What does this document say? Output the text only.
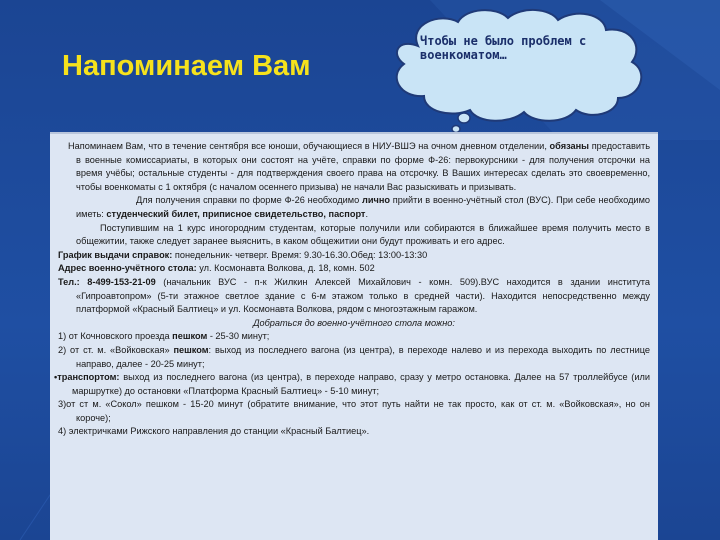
Напоминаем Вам
Чтобы не было проблем с военкоматом…

Напоминаем Вам, что в течение сентября все юноши, обучающиеся в НИУ-ВШЭ на очном дневном отделении, обязаны предоставить в военные комиссариаты, в которых они состоят на учёте, справки по форме Ф-26: первокурсники - для получения отсрочки на время учёбы; остальные студенты - для подтверждения своего права на отсрочку. В Ваших интересах сделать это своевременно, чтобы военкоматы с 1 октября (с началом осеннего призыва) не начали Вас разыскивать и призывать.

Для получения справки по форме Ф-26 необходимо лично прийти в военно-учётный стол (ВУС). При себе необходимо иметь: студенческий билет, приписное свидетельство, паспорт.

Поступившим на 1 курс иногородним студентам, которые получили или собираются в ближайшее время получить место в общежитии, также следует заранее выяснить, в каком общежитии они будут проживать и его адрес.

График выдачи справок: понедельник- четверг. Время: 9.30-16.30.Обед: 13:00-13:30

Адрес военно-учётного стола: ул. Космонавта Волкова, д. 18, комн. 502

Тел.: 8-499-153-21-09 (начальник ВУС - п-к Жилкин Алексей Михайлович - комн. 509).ВУС находится в здании института «Гипроавтопром» (5-ти этажное светлое здание с 6-м этажом только в средней части). Находится непосредственно между платформой «Красный Балтиец» и ул. Космонавта Волкова, рядом с многоэтажным гаражом.

Добраться до военно-учётного стола можно:

1) от Кочновского проезда пешком - 25-30 минут;

2) от ст. м. «Войковская» пешком: выход из последнего вагона (из центра), в переходе налево и из перехода выходить по лестнице направо, далее - 20-25 минут;

•транспортом: выход из последнего вагона (из центра), в переходе направо, сразу у метро остановка. Далее на 57 троллейбусе (или маршрутке) до остановки «Платформа Красный Балтиец» - 5-10 минут;

3)от ст м. «Сокол» пешком - 15-20 минут (обратите внимание, что этот путь найти не так просто, как от ст. м. «Войковская», но он короче);

4) электричками Рижского направления до станции «Красный Балтиец».
